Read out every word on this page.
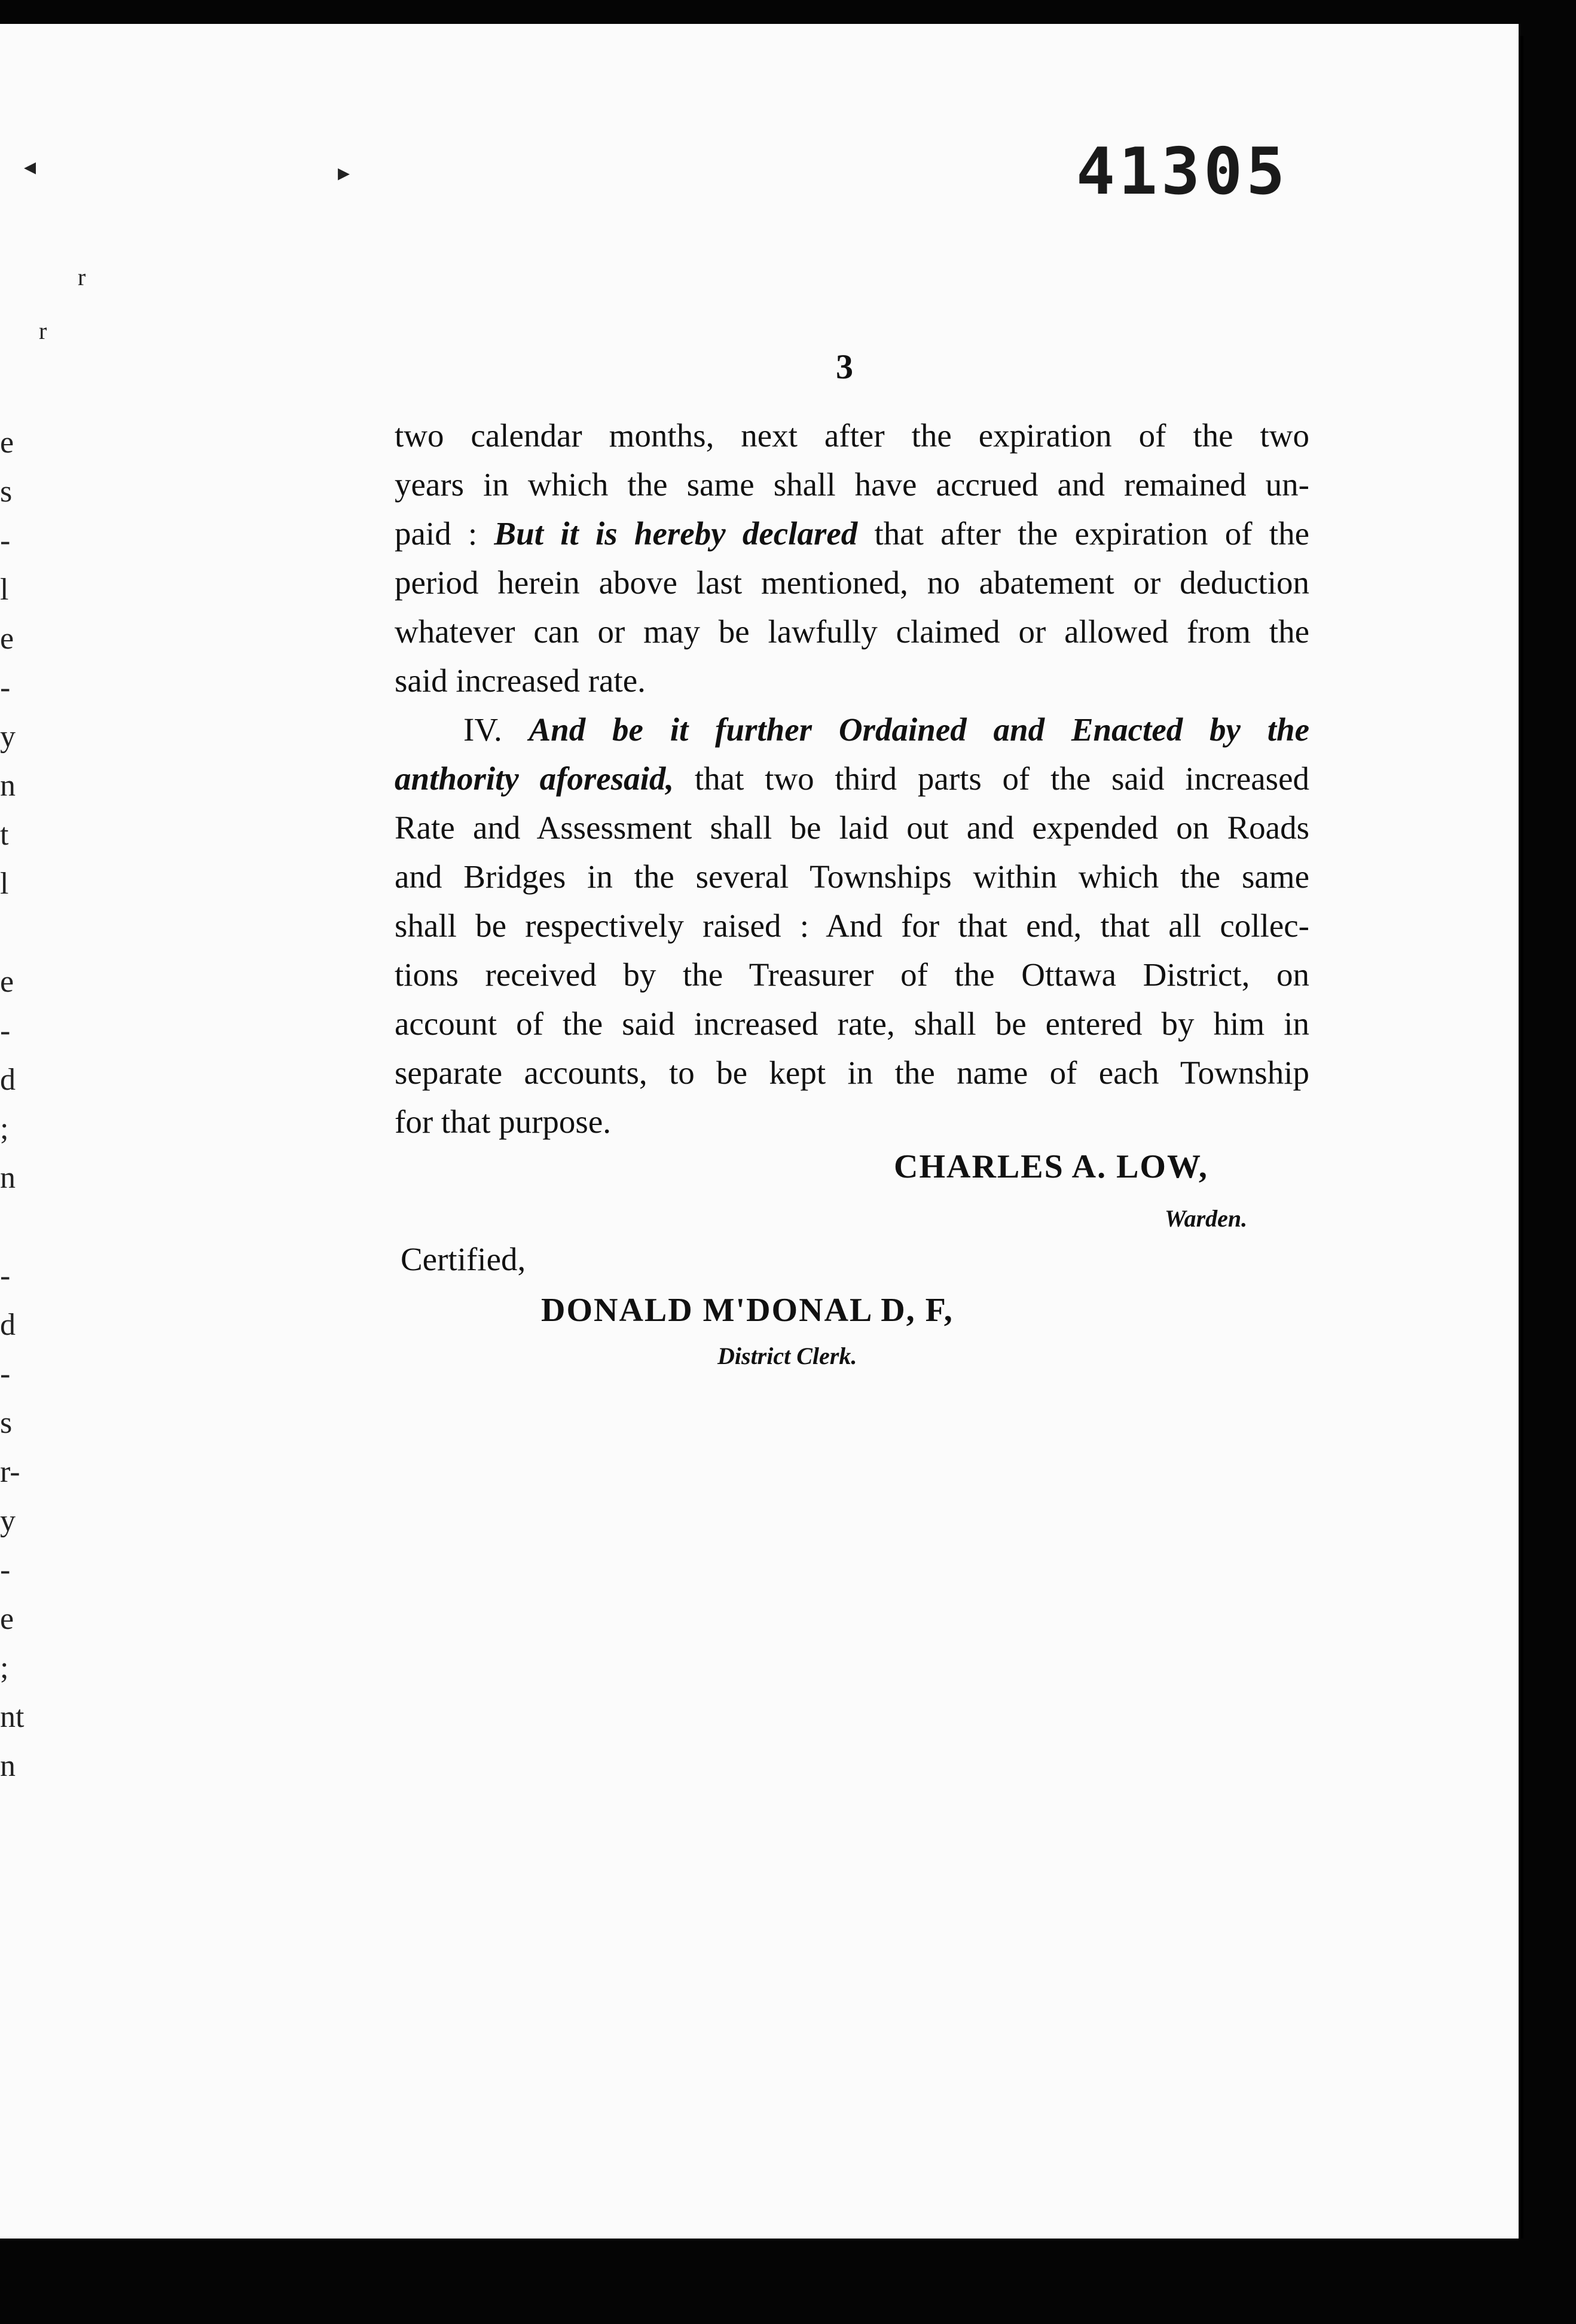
◂	▸
r
r
41305
3
e
s
-
l
e
-
y
n
t
l
e
-
d
;
n
-
d
-
s
r-
y
-
e
;
nt
n
two calendar months, next after the expiration of the two
years in which the same shall have accrued and remained un-
paid : But it is hereby declared that after the expiration of the
period herein above last mentioned, no abatement or deduction
whatever can or may be lawfully claimed or allowed from the
said increased rate.
IV. And be it further Ordained and Enacted by the
anthority aforesaid, that two third parts of the said increased
Rate and Assessment shall be laid out and expended on Roads
and Bridges in the several Townships within which the same
shall be respectively raised : And for that end, that all collec-
tions received by the Treasurer of the Ottawa District, on
account of the said increased rate, shall be entered by him in
separate accounts, to be kept in the name of each Township
for that purpose.
CHARLES A. LOW,
Warden.
Certified,
DONALD M'DONAL D, F,
District Clerk.
